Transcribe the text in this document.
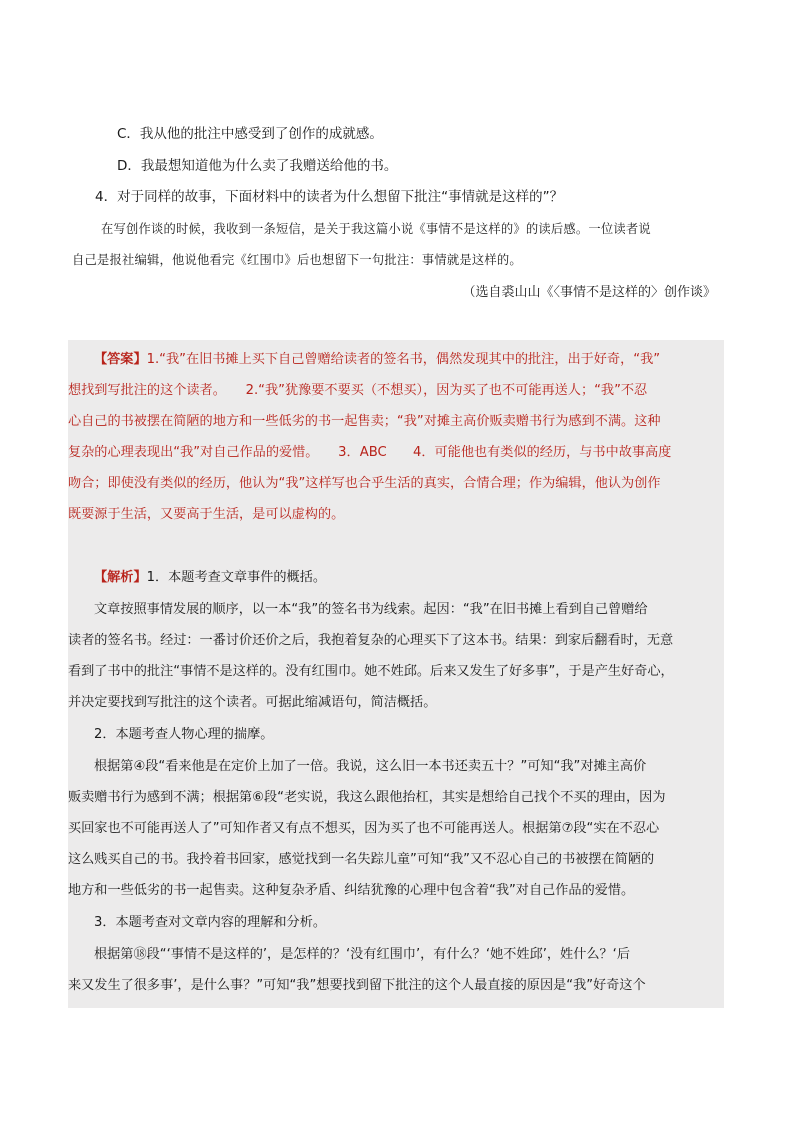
C．我从他的批注中感受到了创作的成就感。
D．我最想知道他为什么卖了我赠送给他的书。
4．对于同样的故事，下面材料中的读者为什么想留下批注“事情就是这样的”？
在写创作谈的时候，我收到一条短信，是关于我这篇小说《事情不是这样的》的读后感。一位读者说
自己是报社编辑，他说他看完《红围巾》后也想留下一句批注：事情就是这样的。
（选自裘山山《〈事情不是这样的〉创作谈》
【答案】1.“我”在旧书摊上买下自己曾赠给读者的签名书，偶然发现其中的批注，出于好奇，“我”
想找到写批注的这个读者。　　2.“我”犹豫要不要买（不想买），因为买了也不可能再送人；“我”不忍
心自己的书被摆在简陋的地方和一些低劣的书一起售卖；“我”对摊主高价贩卖赠书行为感到不满。这种
复杂的心理表现出“我”对自己作品的爱惜。　　3．ABC　　4．可能他也有类似的经历，与书中故事高度
吻合；即使没有类似的经历，他认为“我”这样写也合乎生活的真实，合情合理；作为编辑，他认为创作
既要源于生活，又要高于生活，是可以虚构的。
【解析】1．本题考查文章事件的概括。
文章按照事情发展的顺序，以一本“我”的签名书为线索。起因：“我”在旧书摊上看到自己曾赠给
读者的签名书。经过：一番讨价还价之后，我抱着复杂的心理买下了这本书。结果：到家后翻看时，无意
看到了书中的批注“事情不是这样的。没有红围巾。她不姓邱。后来又发生了好多事”，于是产生好奇心，
并决定要找到写批注的这个读者。可据此缩减语句，简洁概括。
2．本题考查人物心理的揣摩。
根据第④段“看来他是在定价上加了一倍。我说，这么旧一本书还卖五十？”可知“我”对摊主高价
贩卖赠书行为感到不满；根据第⑥段“老实说，我这么跟他抬杠，其实是想给自己找个不买的理由，因为
买回家也不可能再送人了”可知作者又有点不想买，因为买了也不可能再送人。根据第⑦段“实在不忍心
这么贱买自己的书。我拎着书回家，感觉找到一名失踪儿童”可知“我”又不忍心自己的书被摆在简陋的
地方和一些低劣的书一起售卖。这种复杂矛盾、纠结犹豫的心理中包含着“我”对自己作品的爱惜。
3．本题考查对文章内容的理解和分析。
根据第⑱段“‘事情不是这样的’，是怎样的？‘没有红围巾’，有什么？‘她不姓邱’，姓什么？‘后
来又发生了很多事’，是什么事？”可知“我”想要找到留下批注的这个人最直接的原因是“我”好奇这个
